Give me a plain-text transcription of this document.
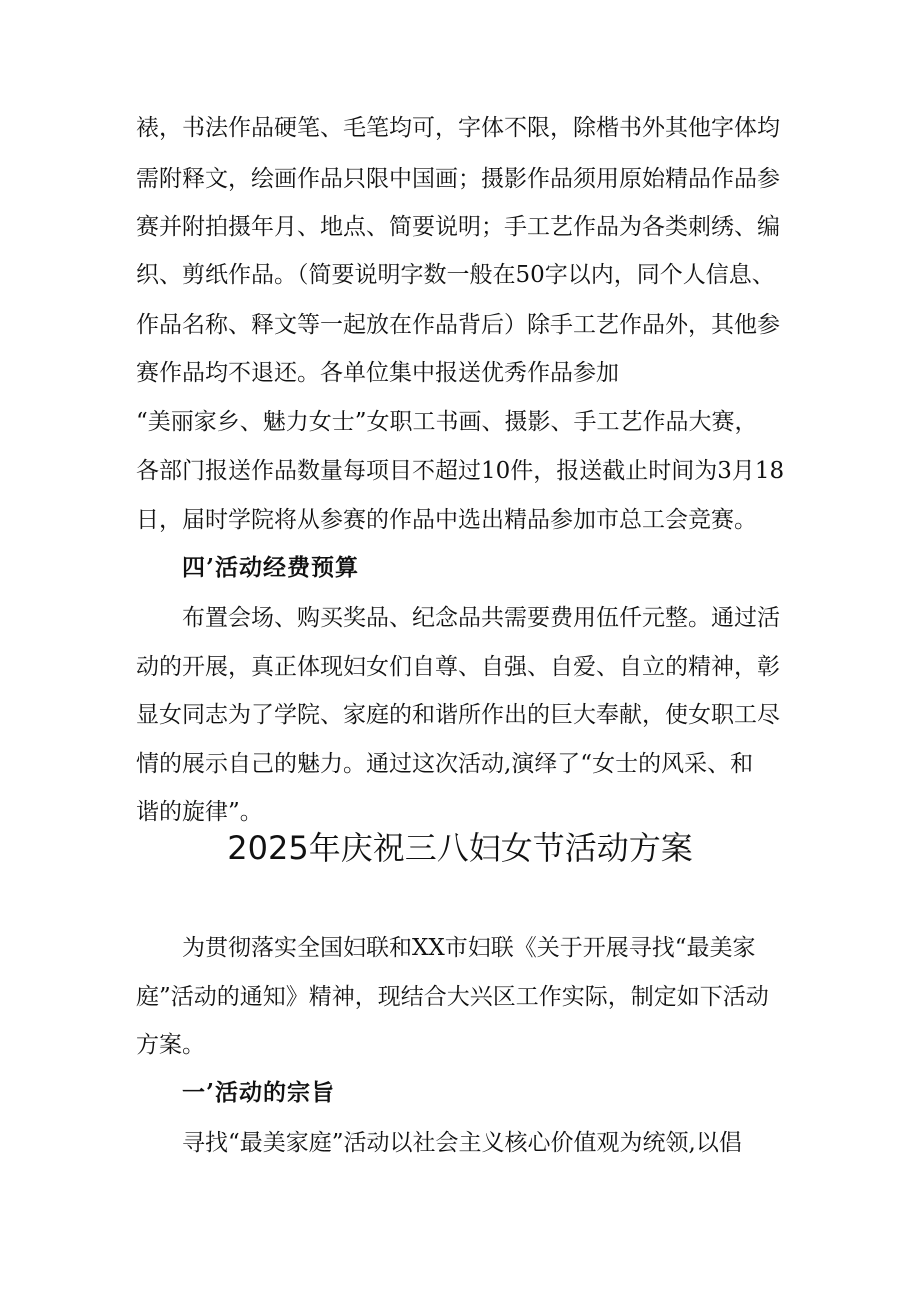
裱，书法作品硬笔、毛笔均可，字体不限，除楷书外其他字体均
需附释文，绘画作品只限中国画；摄影作品须用原始精品作品参
赛并附拍摄年月、地点、简要说明；手工艺作品为各类刺绣、编
织、剪纸作品。（简要说明字数一般在50字以内，同个人信息、
作品名称、释文等一起放在作品背后）除手工艺作品外，其他参
赛作品均不退还。各单位集中报送优秀作品参加
“美丽家乡、魅力女士”女职工书画、摄影、手工艺作品大赛，
各部门报送作品数量每项目不超过10件，报送截止时间为3月18
日，届时学院将从参赛的作品中选出精品参加市总工会竞赛。
四’活动经费预算
布置会场、购买奖品、纪念品共需要费用伍仟元整。通过活
动的开展，真正体现妇女们自尊、自强、自爱、自立的精神，彰
显女同志为了学院、家庭的和谐所作出的巨大奉献，使女职工尽
情的展示自己的魅力。通过这次活动,演绎了“女士的风采、和
谐的旋律”。
2025年庆祝三八妇女节活动方案
为贯彻落实全国妇联和XX市妇联《关于开展寻找“最美家
庭”活动的通知》精神，现结合大兴区工作实际，制定如下活动
方案。
一’活动的宗旨
寻找“最美家庭”活动以社会主义核心价值观为统领,以倡
